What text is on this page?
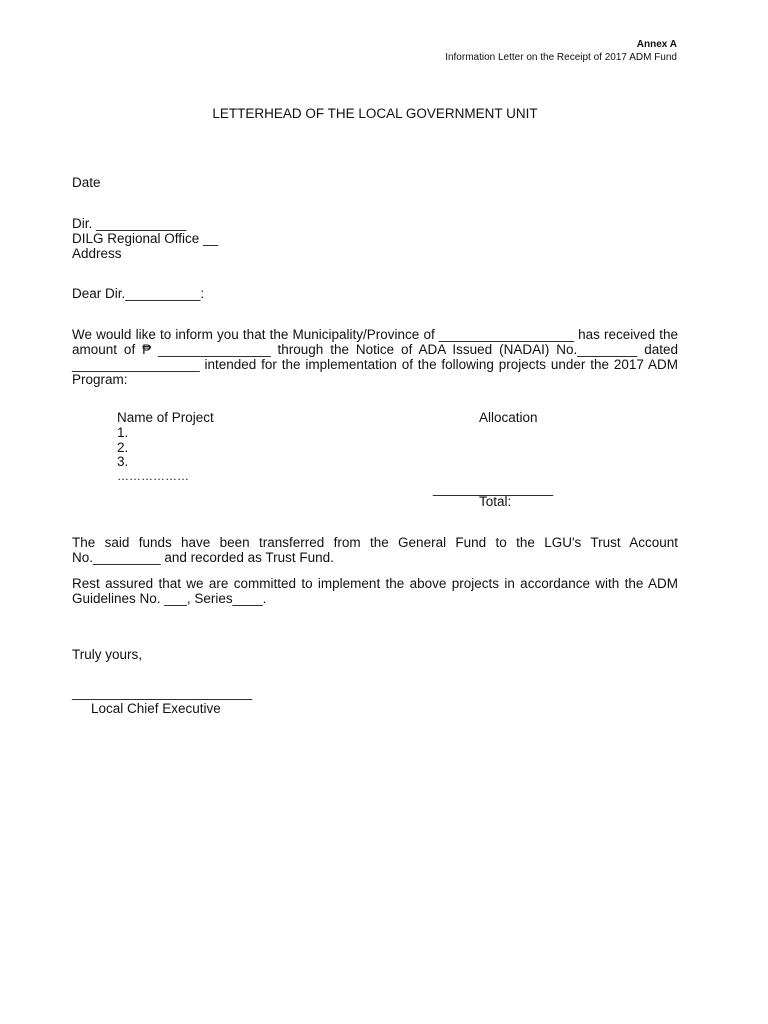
Annex A
Information Letter on the Receipt of 2017 ADM Fund
LETTERHEAD OF THE LOCAL GOVERNMENT UNIT
Date

Dir. ____________

DILG Regional Office __

Address

Dear Dir.__________:

We would like to inform you that the Municipality/Province of __________________ has received the amount of ₱ _______________ through the Notice of ADA Issued (NADAI) No.________ dated _________________ intended for the implementation of the following projects under the 2017 ADM Program:

Name of Project	Allocation
1.
2.
3.
………………
________________
Total:

The said funds have been transferred from the General Fund to the LGU's Trust Account No._________ and recorded as Trust Fund.

Rest assured that we are committed to implement the above projects in accordance with the ADM Guidelines No. ___, Series____.

Truly yours,
________________________
Local Chief Executive
